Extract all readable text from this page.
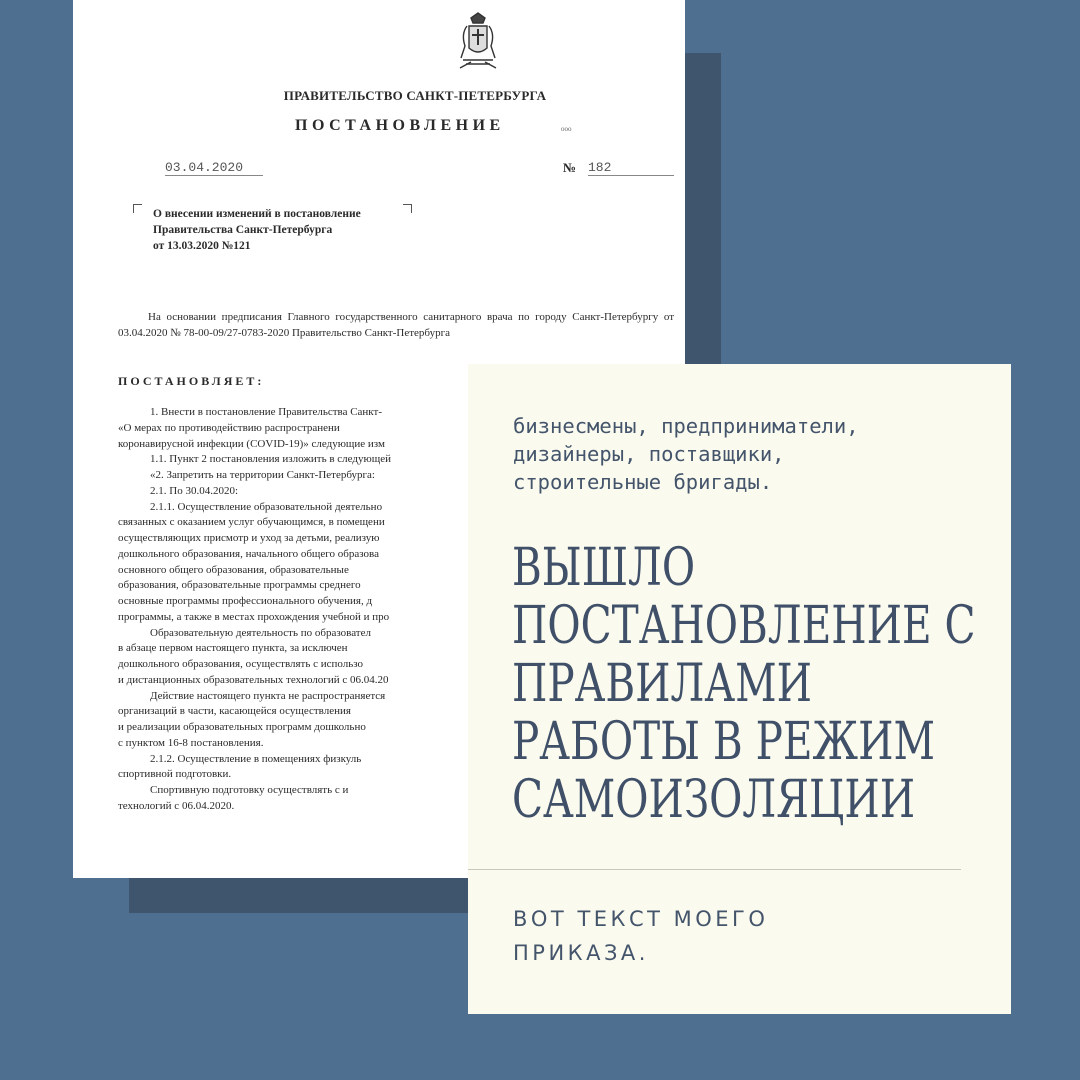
ПРАВИТЕЛЬСТВО САНКТ-ПЕТЕРБУРГА
ПОСТАНОВЛЕНИЕ	ооо
03.04.2020	№ 182
О внесении изменений в постановление
Правительства Санкт-Петербурга
от 13.03.2020 №121
На основании предписания Главного государственного санитарного врача по городу Санкт-Петербургу от 03.04.2020 № 78-00-09/27-0783-2020 Правительство Санкт-Петербурга
ПОСТАНОВЛЯЕТ:
1. Внести в постановление Правительства Санкт-
«О мерах по противодействию распространени
коронавирусной инфекции (COVID-19)» следующие изм
1.1. Пункт 2 постановления изложить в следующей
«2. Запретить на территории Санкт-Петербурга:
2.1. По 30.04.2020:
2.1.1. Осуществление образовательной деятельно
связанных с оказанием услуг обучающимся, в помещени
осуществляющих присмотр и уход за детьми, реализую
дошкольного образования, начального общего образова
основного общего образования, образовательные
образования, образовательные программы среднего
основные программы профессионального обучения, д
программы, а также в местах прохождения учебной и про
Образовательную деятельность по образовател
в абзаце первом настоящего пункта, за исключен
дошкольного образования, осуществлять с использо
и дистанционных образовательных технологий с 06.04.20
Действие настоящего пункта не распространяется
организаций в части, касающейся осуществления
и реализации образовательных программ дошкольно
с пунктом 16-8 постановления.
2.1.2. Осуществление в помещениях физкуль
спортивной подготовки.
Спортивную подготовку осуществлять с и
технологий с 06.04.2020.
бизнесмены, предприниматели,
дизайнеры, поставщики,
строительные бригады.
ВЫШЛО
ПОСТАНОВЛЕНИЕ С
ПРАВИЛАМИ
РАБОТЫ В РЕЖИМ
САМОИЗОЛЯЦИИ
ВОТ ТЕКСТ МОЕГО
ПРИКАЗА.
